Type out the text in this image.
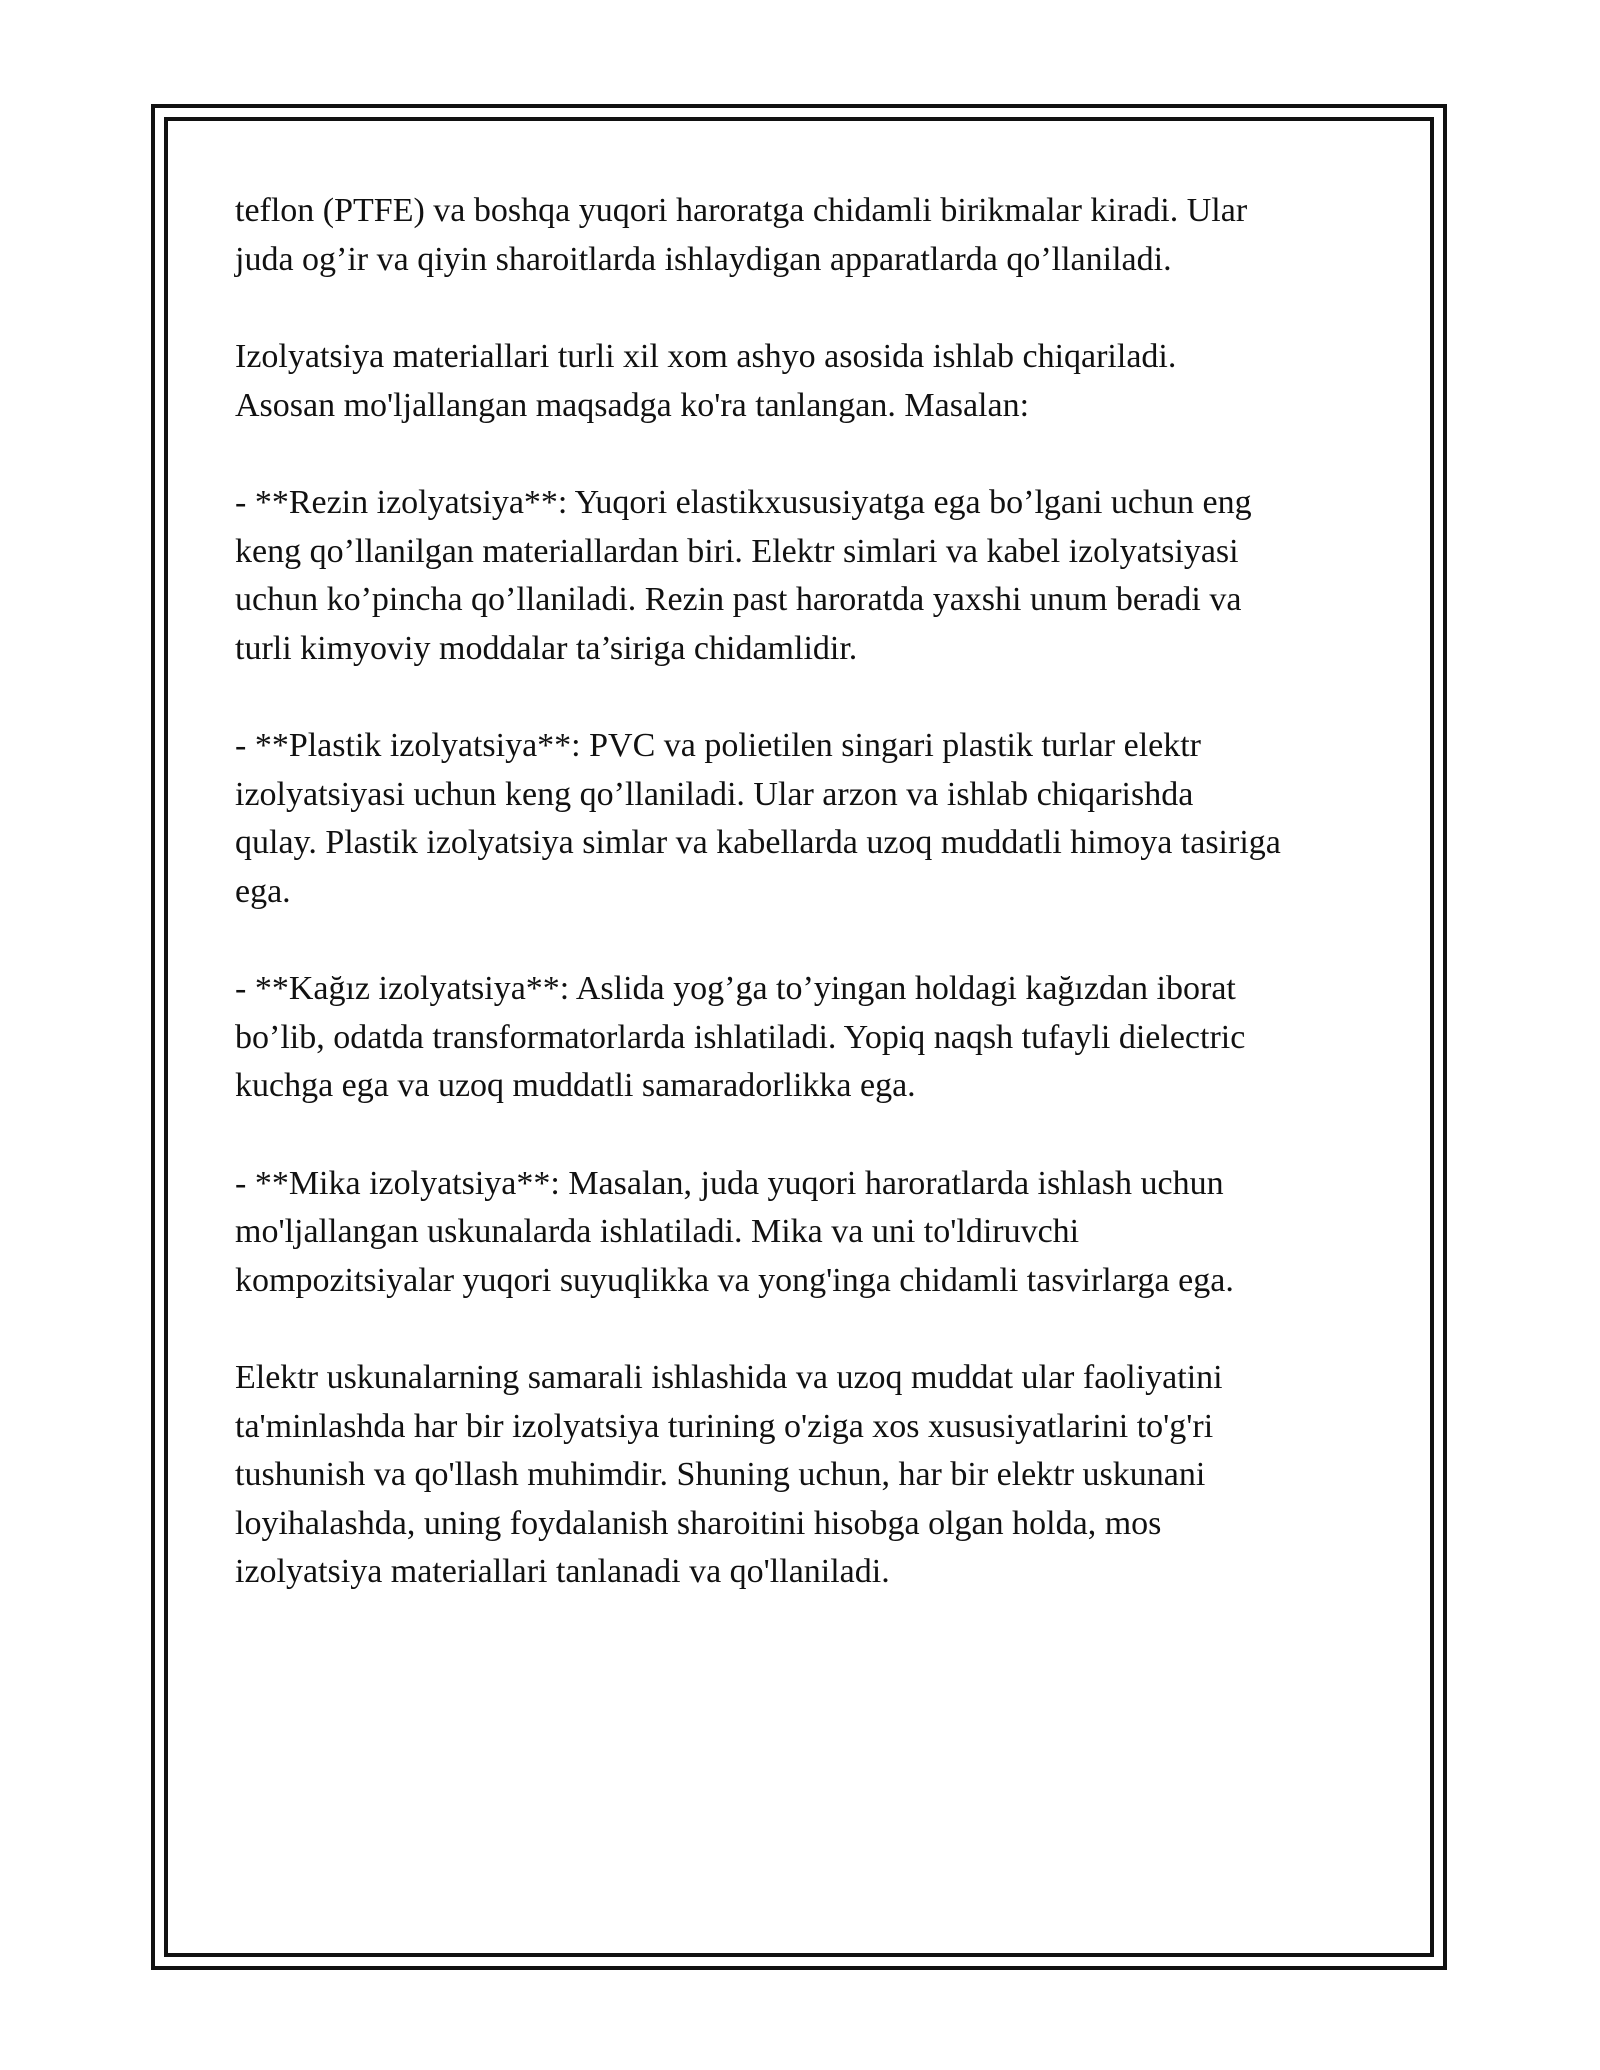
teflon (PTFE) va boshqa yuqori haroratga chidamli birikmalar kiradi. Ular
juda og’ir va qiyin sharoitlarda ishlaydigan apparatlarda qo’llaniladi.

Izolyatsiya materiallari turli xil xom ashyo asosida ishlab chiqariladi.
Asosan mo'ljallangan maqsadga ko'ra tanlangan. Masalan:

- **Rezin izolyatsiya**: Yuqori elastikxususiyatga ega bo’lgani uchun eng
keng qo’llanilgan materiallardan biri. Elektr simlari va kabel izolyatsiyasi
uchun ko’pincha qo’llaniladi. Rezin past haroratda yaxshi unum beradi va
turli kimyoviy moddalar ta’siriga chidamlidir.

- **Plastik izolyatsiya**: PVC va polietilen singari plastik turlar elektr
izolyatsiyasi uchun keng qo’llaniladi. Ular arzon va ishlab chiqarishda
qulay. Plastik izolyatsiya simlar va kabellarda uzoq muddatli himoya tasiriga
ega.

- **Kağız izolyatsiya**: Aslida yog’ga to’yingan holdagi kağızdan iborat
bo’lib, odatda transformatorlarda ishlatiladi. Yopiq naqsh tufayli dielectric
kuchga ega va uzoq muddatli samaradorlikka ega.

- **Mika izolyatsiya**: Masalan, juda yuqori haroratlarda ishlash uchun
mo'ljallangan uskunalarda ishlatiladi. Mika va uni to'ldiruvchi
kompozitsiyalar yuqori suyuqlikka va yong'inga chidamli tasvirlarga ega.

Elektr uskunalarning samarali ishlashida va uzoq muddat ular faoliyatini
ta'minlashda har bir izolyatsiya turining o'ziga xos xususiyatlarini to'g'ri
tushunish va qo'llash muhimdir. Shuning uchun, har bir elektr uskunani
loyihalashda, uning foydalanish sharoitini hisobga olgan holda, mos
izolyatsiya materiallari tanlanadi va qo'llaniladi.
